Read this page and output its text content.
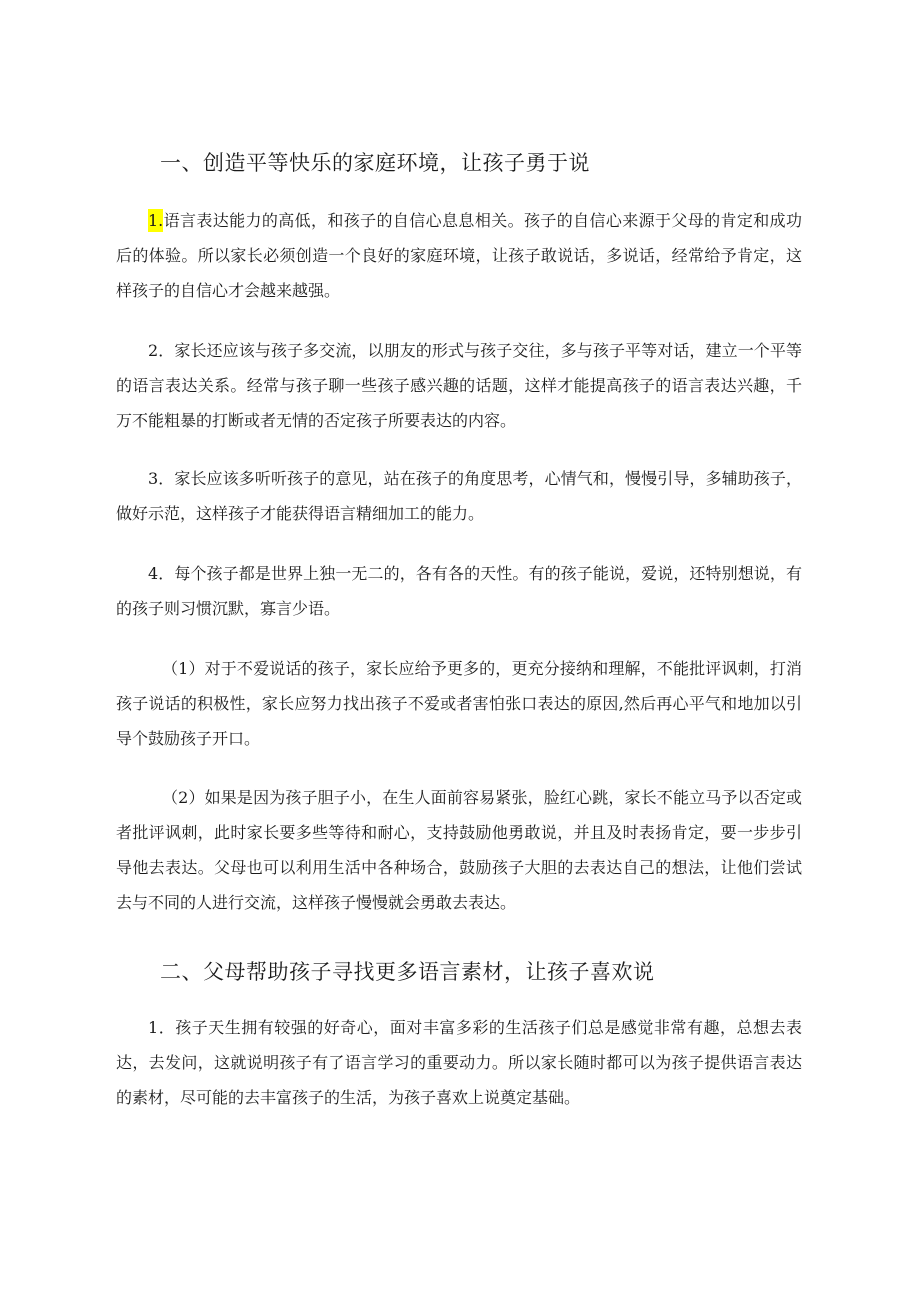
一、创造平等快乐的家庭环境，让孩子勇于说

1.语言表达能力的高低，和孩子的自信心息息相关。孩子的自信心来源于父母的肯定和成功后的体验。所以家长必须创造一个良好的家庭环境，让孩子敢说话，多说话，经常给予肯定，这样孩子的自信心才会越来越强。

2．家长还应该与孩子多交流，以朋友的形式与孩子交往，多与孩子平等对话，建立一个平等的语言表达关系。经常与孩子聊一些孩子感兴趣的话题，这样才能提高孩子的语言表达兴趣，千万不能粗暴的打断或者无情的否定孩子所要表达的内容。

3．家长应该多听听孩子的意见，站在孩子的角度思考，心情气和，慢慢引导，多辅助孩子，做好示范，这样孩子才能获得语言精细加工的能力。

4．每个孩子都是世界上独一无二的，各有各的天性。有的孩子能说，爱说，还特别想说，有的孩子则习惯沉默，寡言少语。

（1）对于不爱说话的孩子，家长应给予更多的，更充分接纳和理解，不能批评讽刺，打消孩子说话的积极性，家长应努力找出孩子不爱或者害怕张口表达的原因,然后再心平气和地加以引导个鼓励孩子开口。

（2）如果是因为孩子胆子小，在生人面前容易紧张，脸红心跳，家长不能立马予以否定或者批评讽刺，此时家长要多些等待和耐心，支持鼓励他勇敢说，并且及时表扬肯定，要一步步引导他去表达。父母也可以利用生活中各种场合，鼓励孩子大胆的去表达自己的想法，让他们尝试去与不同的人进行交流，这样孩子慢慢就会勇敢去表达。

二、父母帮助孩子寻找更多语言素材，让孩子喜欢说

1．孩子天生拥有较强的好奇心，面对丰富多彩的生活孩子们总是感觉非常有趣，总想去表达，去发问，这就说明孩子有了语言学习的重要动力。所以家长随时都可以为孩子提供语言表达的素材，尽可能的去丰富孩子的生活，为孩子喜欢上说奠定基础。
